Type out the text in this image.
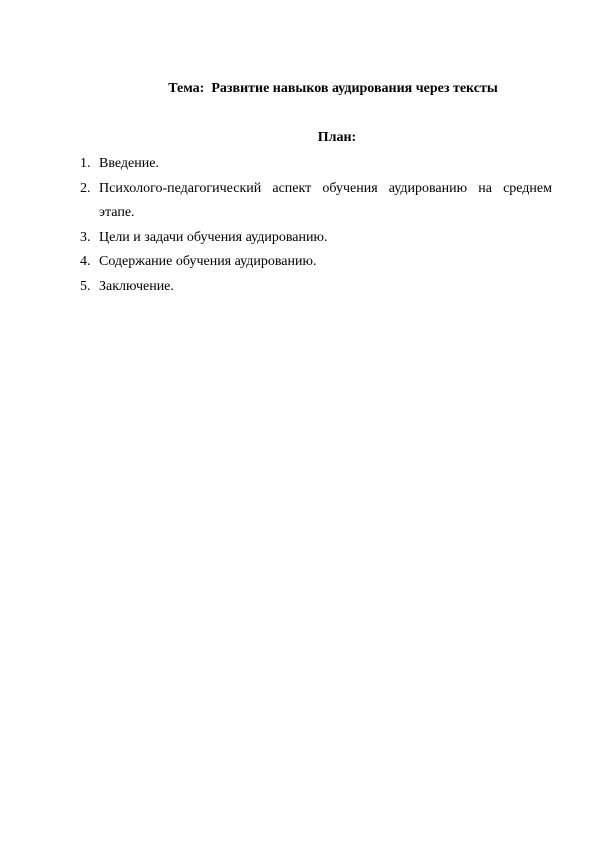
Тема:  Развитие навыков аудирования через тексты
План:
1. Введение.
2. Психолого-педагогический аспект обучения аудированию на среднем этапе.
3. Цели и задачи обучения аудированию.
4. Содержание обучения аудированию.
5. Заключение.
